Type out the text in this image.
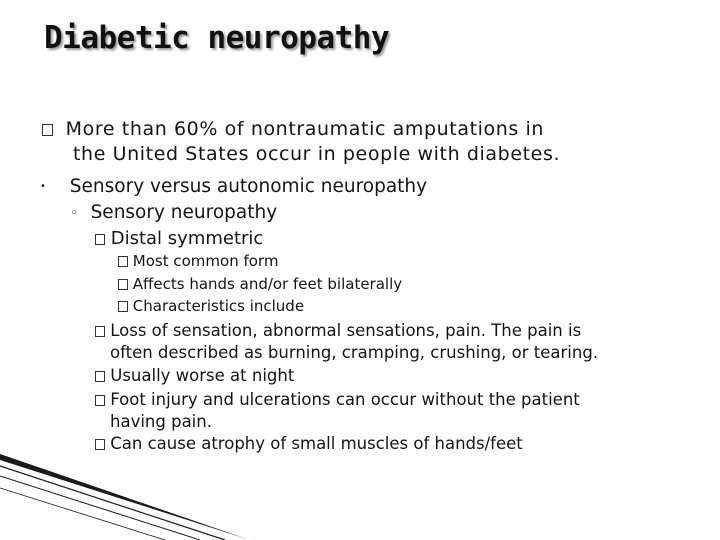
Diabetic neuropathy
More than 60% of nontraumatic amputations in
the United States occur in people with diabetes.
• Sensory versus autonomic neuropathy
◦ Sensory neuropathy
Distal symmetric
Most common form
Affects hands and/or feet bilaterally
Characteristics include
Loss of sensation, abnormal sensations, pain. The pain is
often described as burning, cramping, crushing, or tearing.
Usually worse at night
Foot injury and ulcerations can occur without the patient
having pain.
Can cause atrophy of small muscles of hands/feet
